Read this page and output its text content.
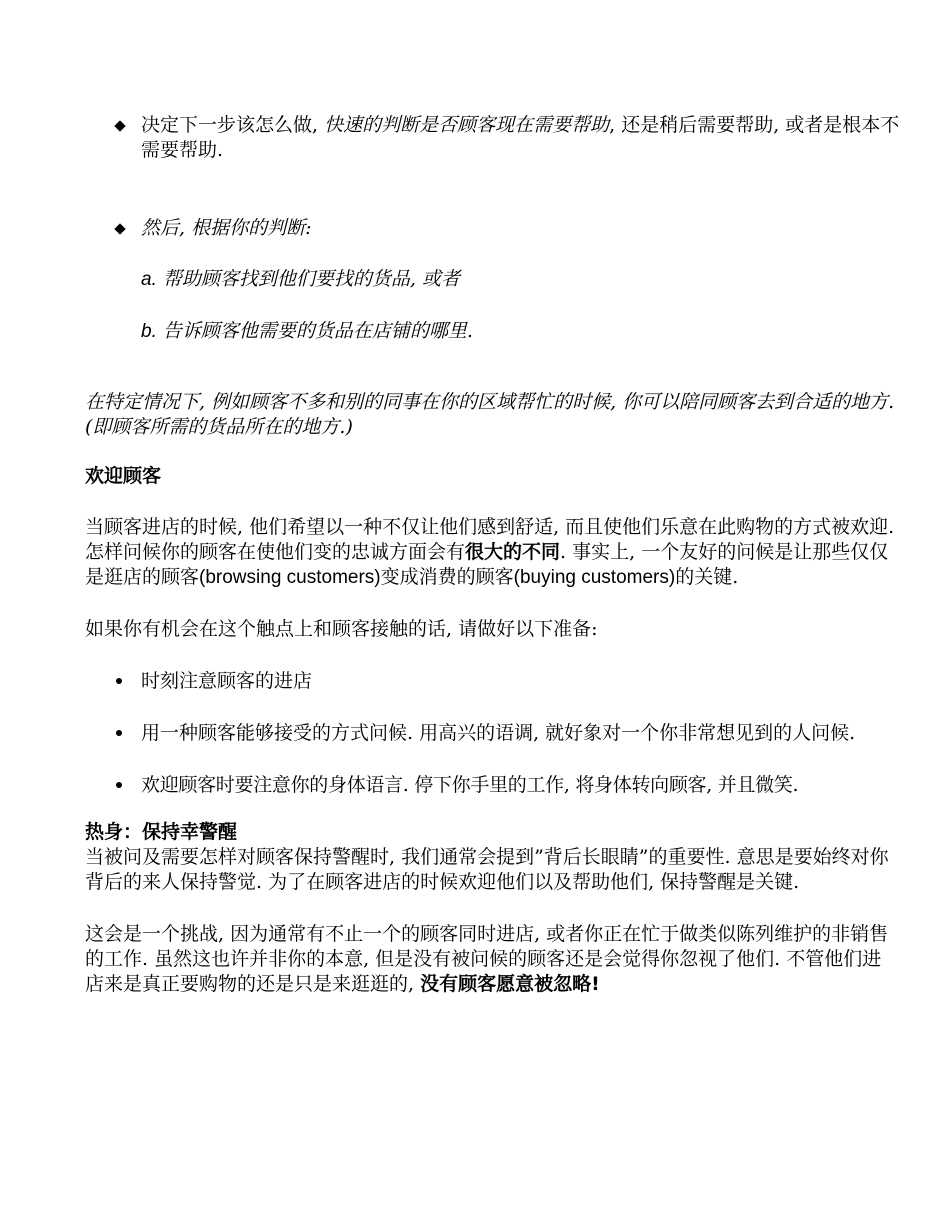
决定下一步该怎么做, 快速的判断是否顾客现在需要帮助, 还是稍后需要帮助, 或者是根本不需要帮助.
然后, 根据你的判断:
a. 帮助顾客找到他们要找的货品, 或者
b. 告诉顾客他需要的货品在店铺的哪里.
在特定情况下, 例如顾客不多和别的同事在你的区域帮忙的时候, 你可以陪同顾客去到合适的地方. (即顾客所需的货品所在的地方.)
欢迎顾客
当顾客进店的时候, 他们希望以一种不仅让他们感到舒适, 而且使他们乐意在此购物的方式被欢迎. 怎样问候你的顾客在使他们变的忠诚方面会有很大的不同. 事实上, 一个友好的问候是让那些仅仅是逛店的顾客(browsing customers)变成消费的顾客(buying customers)的关键.
如果你有机会在这个触点上和顾客接触的话, 请做好以下准备:
时刻注意顾客的进店
用一种顾客能够接受的方式问候. 用高兴的语调, 就好象对一个你非常想见到的人问候.
欢迎顾客时要注意你的身体语言. 停下你手里的工作, 将身体转向顾客, 并且微笑.
热身：保持幸警醒
当被问及需要怎样对顾客保持警醒时, 我们通常会提到”背后长眼睛”的重要性. 意思是要始终对你背后的来人保持警觉. 为了在顾客进店的时候欢迎他们以及帮助他们, 保持警醒是关键.
这会是一个挑战, 因为通常有不止一个的顾客同时进店, 或者你正在忙于做类似陈列维护的非销售的工作. 虽然这也许并非你的本意, 但是没有被问候的顾客还是会觉得你忽视了他们. 不管他们进店来是真正要购物的还是只是来逛逛的, 没有顾客愿意被忽略!
